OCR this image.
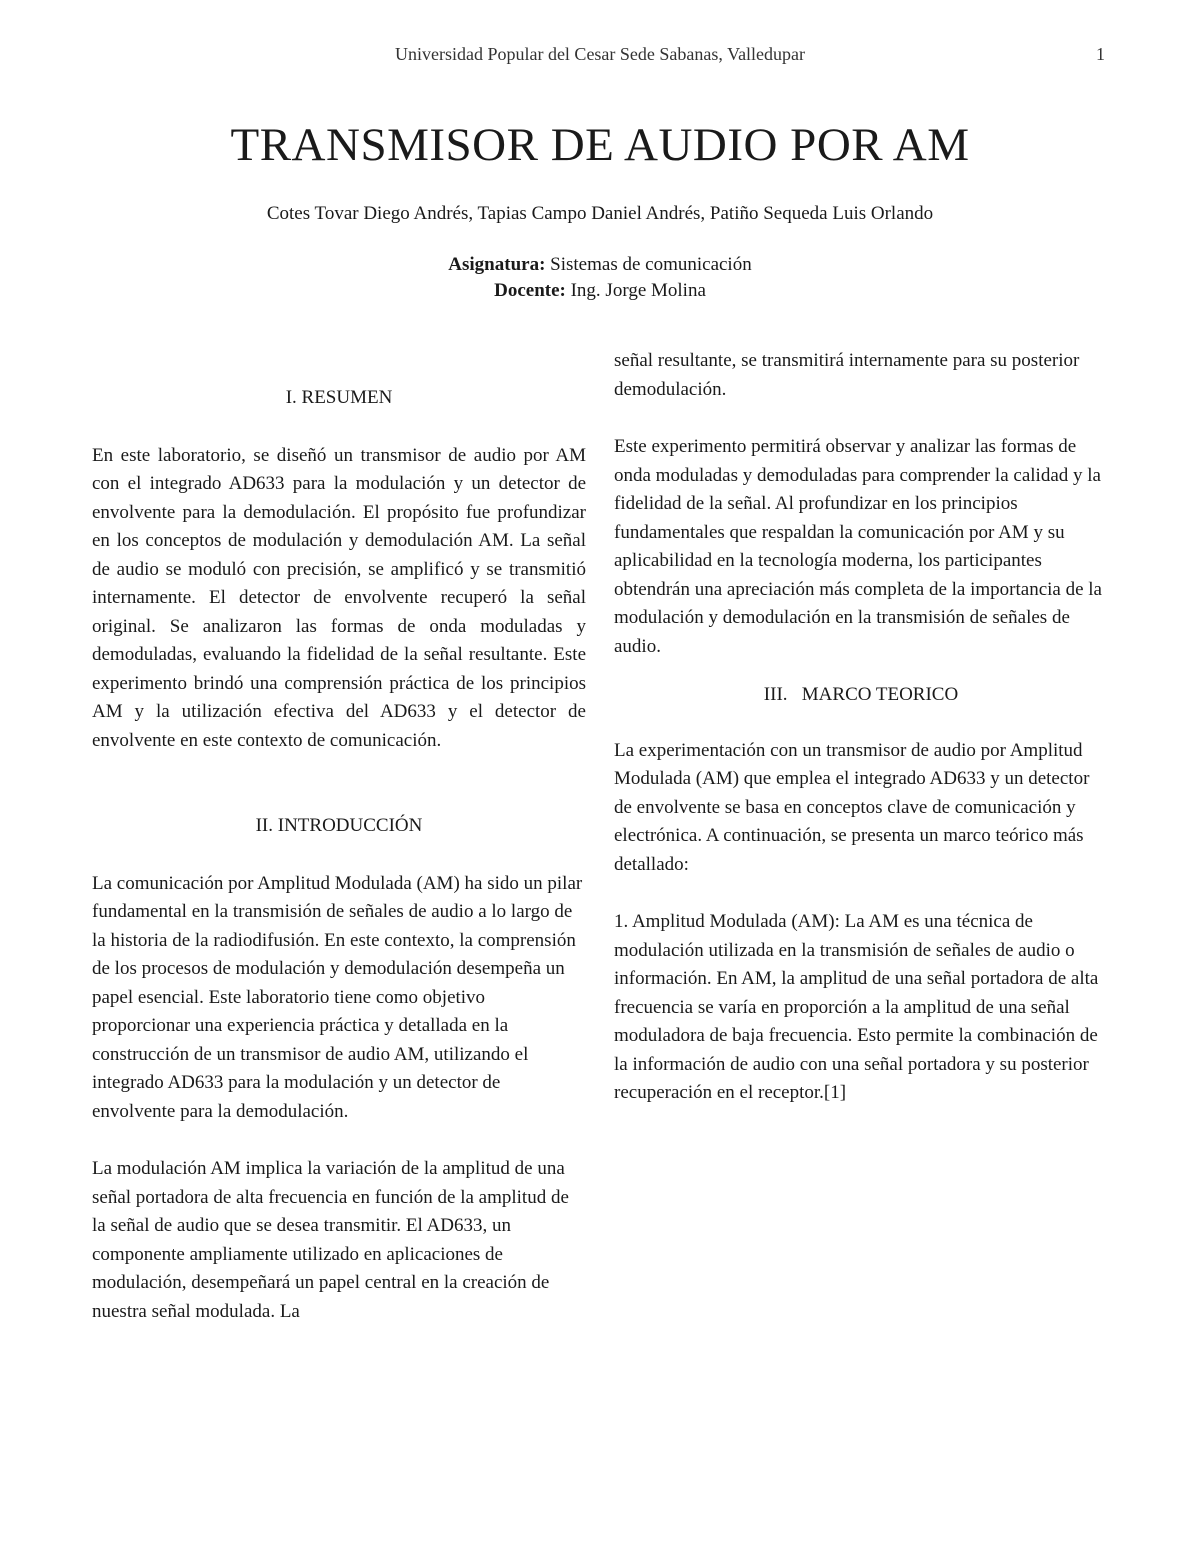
Universidad Popular del Cesar Sede Sabanas, Valledupar	1
TRANSMISOR DE AUDIO POR AM
Cotes Tovar Diego Andrés, Tapias Campo Daniel Andrés, Patiño Sequeda Luis Orlando
Asignatura: Sistemas de comunicación
Docente: Ing. Jorge Molina

I. RESUMEN

En este laboratorio, se diseñó un transmisor de audio por AM con el integrado AD633 para la modulación y un detector de envolvente para la demodulación. El propósito fue profundizar en los conceptos de modulación y demodulación AM. La señal de audio se moduló con precisión, se amplificó y se transmitió internamente. El detector de envolvente recuperó la señal original. Se analizaron las formas de onda moduladas y demoduladas, evaluando la fidelidad de la señal resultante. Este experimento brindó una comprensión práctica de los principios AM y la utilización efectiva del AD633 y el detector de envolvente en este contexto de comunicación.

II. INTRODUCCIÓN

La comunicación por Amplitud Modulada (AM) ha sido un pilar fundamental en la transmisión de señales de audio a lo largo de la historia de la radiodifusión. En este contexto, la comprensión de los procesos de modulación y demodulación desempeña un papel esencial. Este laboratorio tiene como objetivo proporcionar una experiencia práctica y detallada en la construcción de un transmisor de audio AM, utilizando el integrado AD633 para la modulación y un detector de envolvente para la demodulación.

La modulación AM implica la variación de la amplitud de una señal portadora de alta frecuencia en función de la amplitud de la señal de audio que se desea transmitir. El AD633, un componente ampliamente utilizado en aplicaciones de modulación, desempeñará un papel central en la creación de nuestra señal modulada. La

señal resultante, se transmitirá internamente para su posterior demodulación.

Este experimento permitirá observar y analizar las formas de onda moduladas y demoduladas para comprender la calidad y la fidelidad de la señal. Al profundizar en los principios fundamentales que respaldan la comunicación por AM y su aplicabilidad en la tecnología moderna, los participantes obtendrán una apreciación más completa de la importancia de la modulación y demodulación en la transmisión de señales de audio.

III.   MARCO TEORICO

La experimentación con un transmisor de audio por Amplitud Modulada (AM) que emplea el integrado AD633 y un detector de envolvente se basa en conceptos clave de comunicación y electrónica. A continuación, se presenta un marco teórico más detallado:

1. Amplitud Modulada (AM): La AM es una técnica de modulación utilizada en la transmisión de señales de audio o información. En AM, la amplitud de una señal portadora de alta frecuencia se varía en proporción a la amplitud de una señal moduladora de baja frecuencia. Esto permite la combinación de la información de audio con una señal portadora y su posterior recuperación en el receptor.[1]
